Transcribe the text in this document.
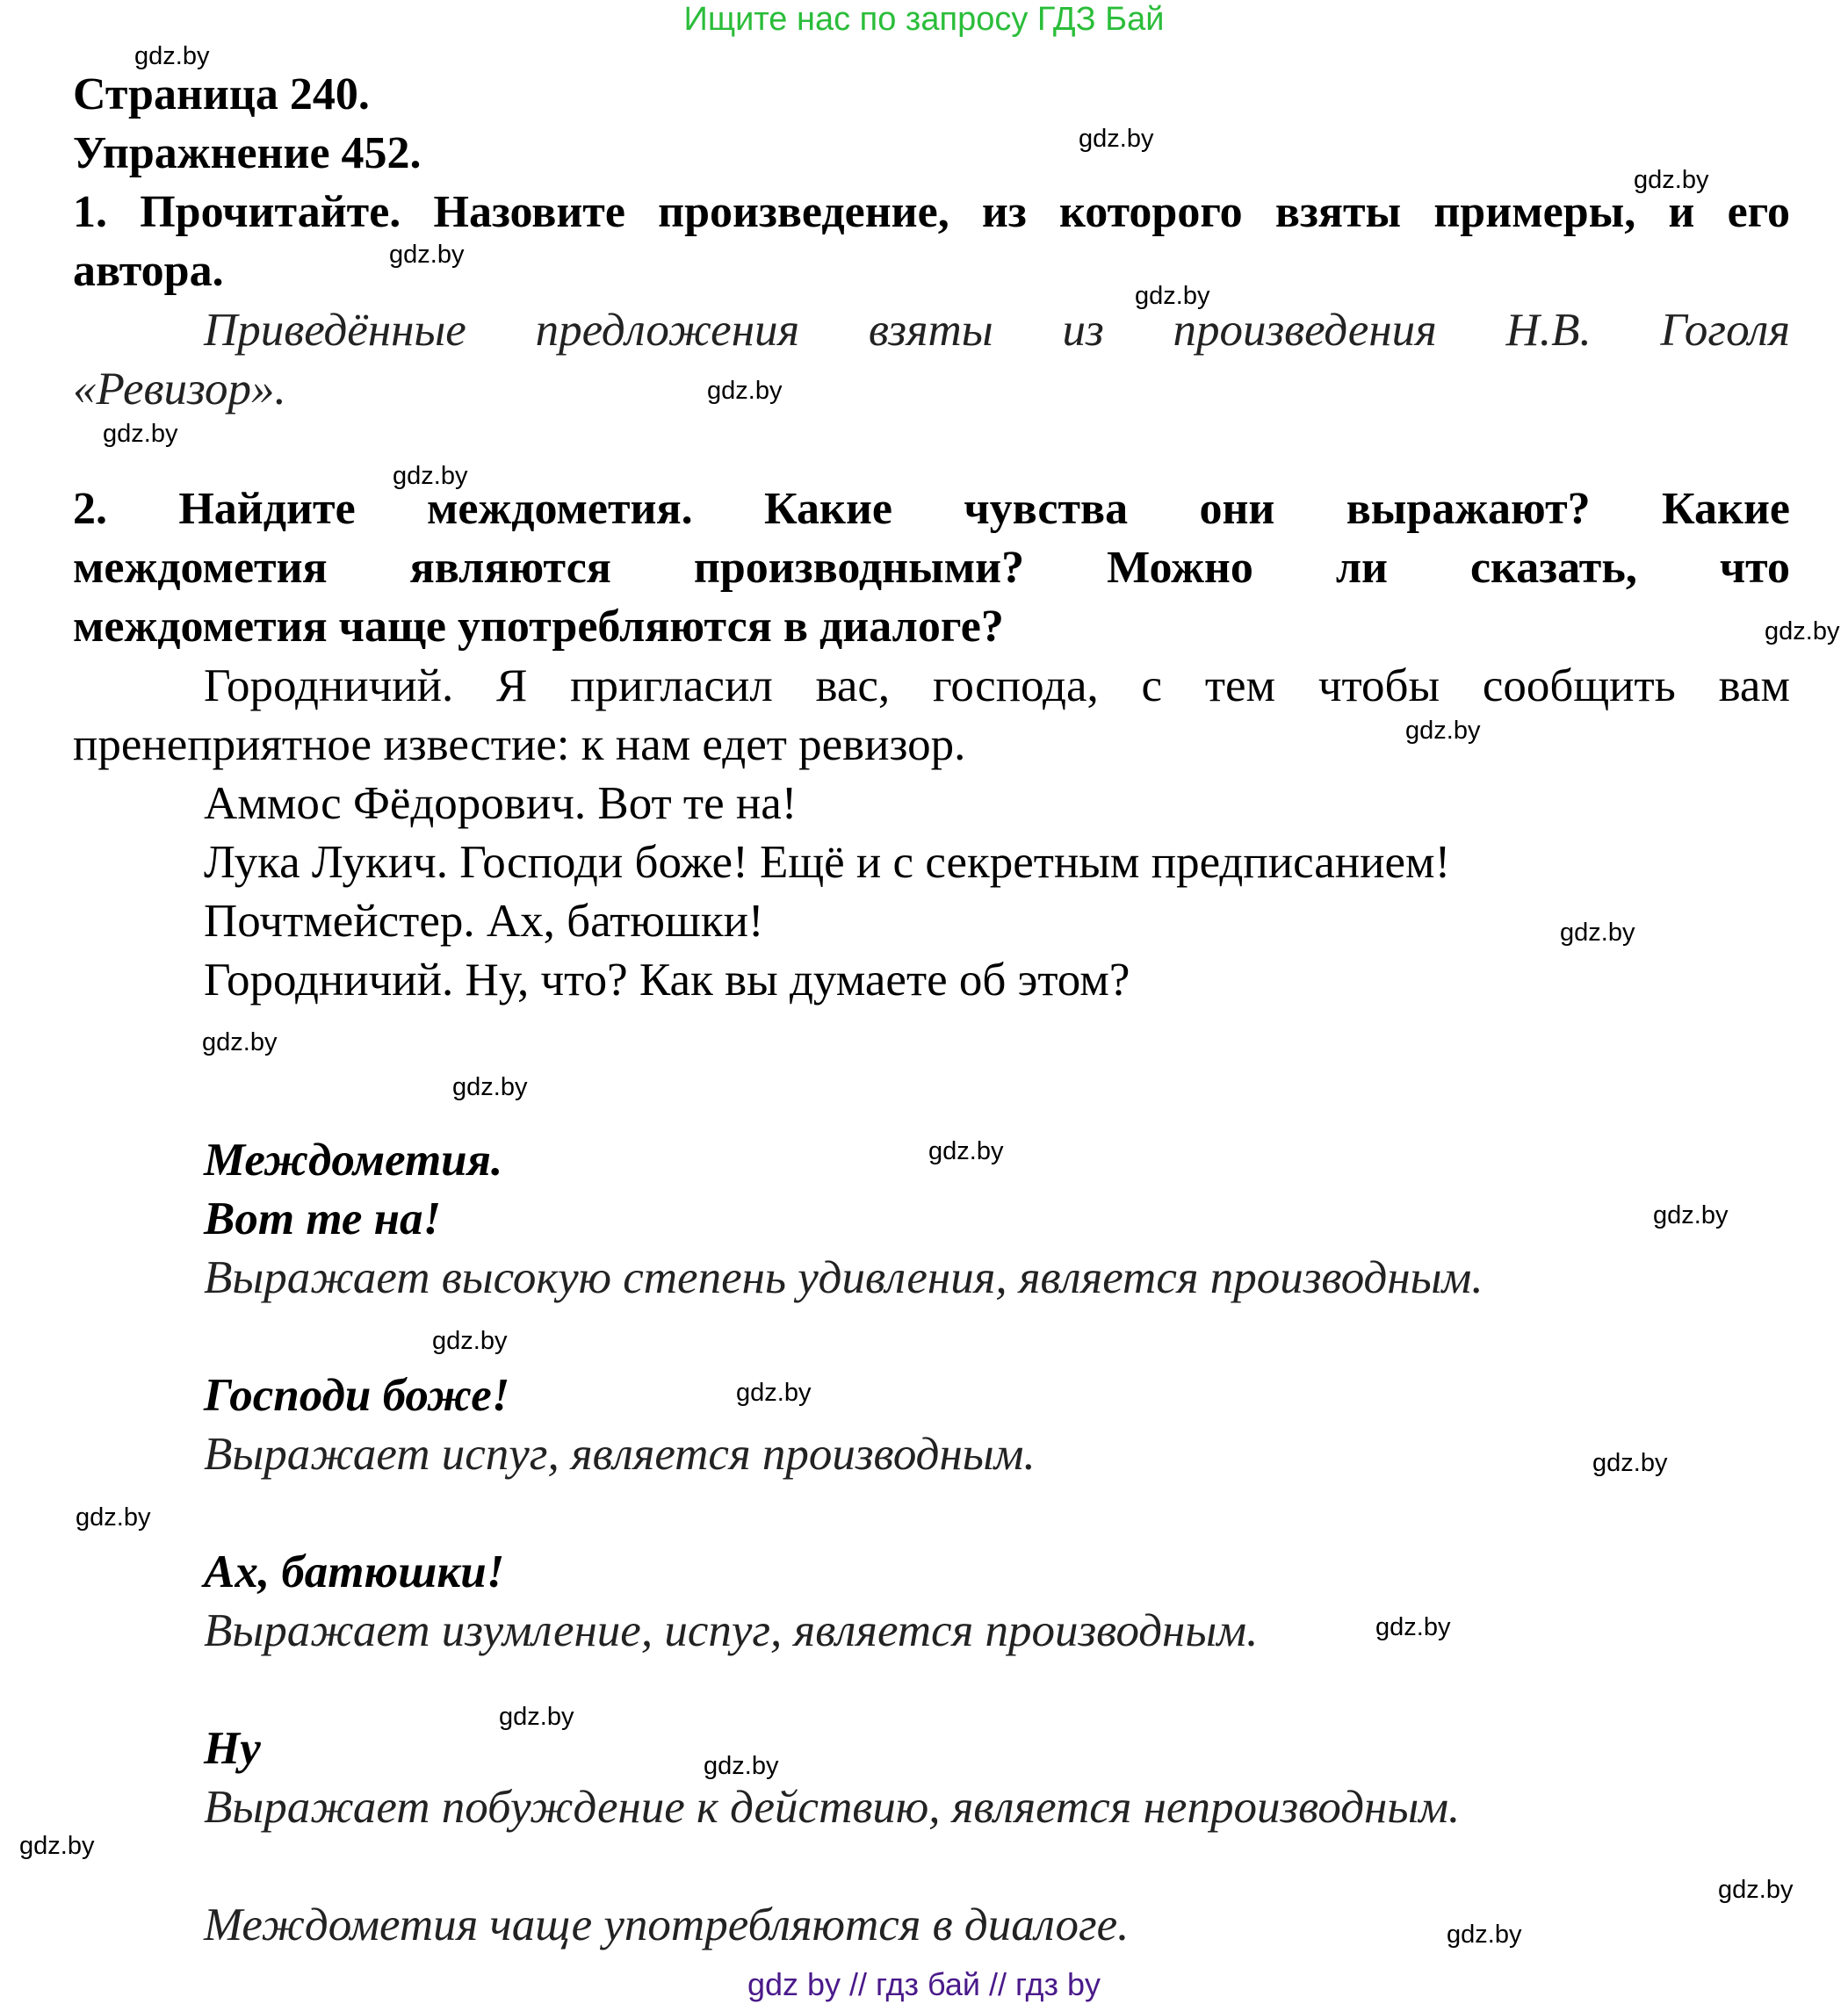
Ищите нас по запросу ГДЗ Бай
Страница 240.
Упражнение 452.
1. Прочитайте. Назовите произведение, из которого взяты примеры, и его
автора.
Приведённые предложения взяты из произведения Н.В. Гоголя
«Ревизор».
2. Найдите междометия. Какие чувства они выражают? Какие
междометия являются производными? Можно ли сказать, что
междометия чаще употребляются в диалоге?
Городничий. Я пригласил вас, господа, с тем чтобы сообщить вам
пренеприятное известие: к нам едет ревизор.
Аммос Фёдорович. Вот те на!
Лука Лукич. Господи боже! Ещё и с секретным предписанием!
Почтмейстер. Ах, батюшки!
Городничий. Ну, что? Как вы думаете об этом?
Междометия.
Вот те на!
Выражает высокую степень удивления, является производным.
Господи боже!
Выражает испуг, является производным.
Ах, батюшки!
Выражает изумление, испуг, является производным.
Ну
Выражает побуждение к действию, является непроизводным.
Междометия чаще употребляются в диалоге.
gdz.by
gdz.by
gdz.by
gdz.by
gdz.by
gdz.by
gdz.by
gdz.by
gdz.by
gdz.by
gdz.by
gdz.by
gdz.by
gdz.by
gdz.by
gdz.by
gdz.by
gdz.by
gdz.by
gdz.by
gdz.by
gdz.by
gdz.by
gdz.by
gdz.by
gdz by // гдз бай // гдз by
